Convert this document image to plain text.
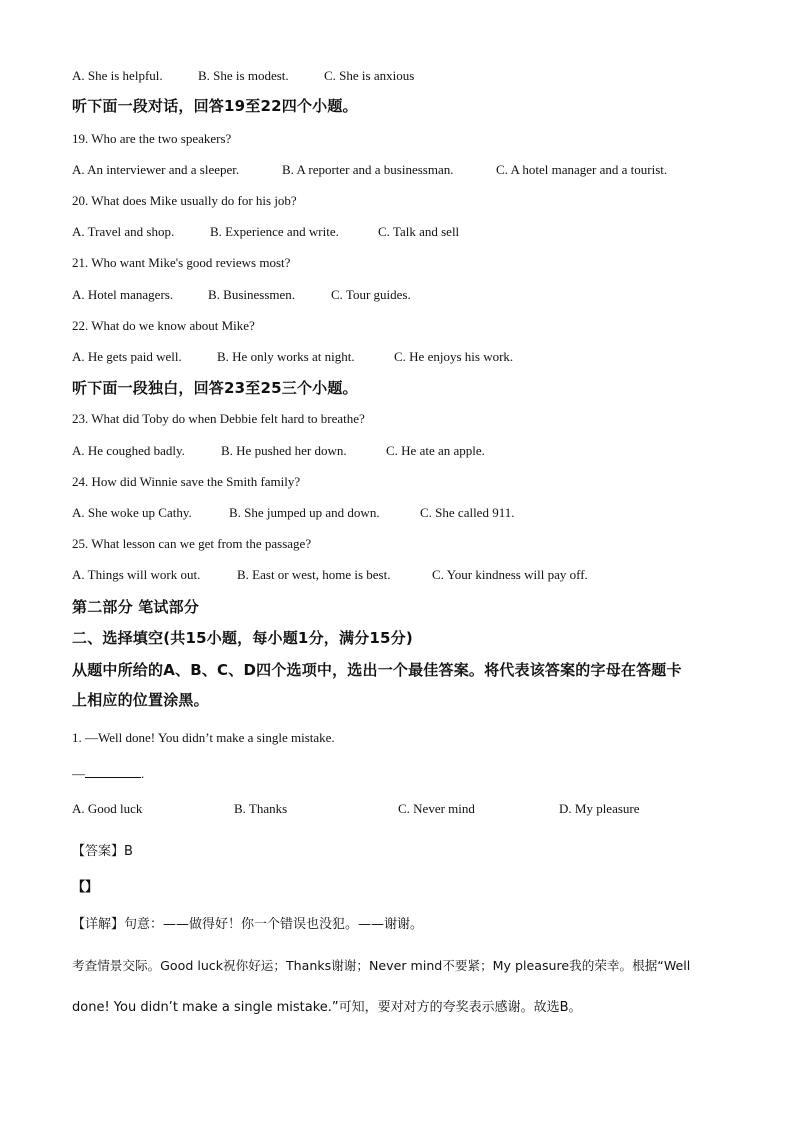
A. She is helpful.	B. She is modest.	C. She is anxious
听下面一段对话，回答19至22四个小题。
19. Who are the two speakers?
A. An interviewer and a sleeper.	B. A reporter and a businessman.	C. A hotel manager and a tourist.
20. What does Mike usually do for his job?
A. Travel and shop.	B. Experience and write.	C. Talk and sell
21. Who want Mike's good reviews most?
A. Hotel managers.	B. Businessmen.	C. Tour guides.
22. What do we know about Mike?
A. He gets paid well.	B. He only works at night.	C. He enjoys his work.
听下面一段独白，回答23至25三个小题。
23. What did Toby do when Debbie felt hard to breathe?
A. He coughed badly.	B. He pushed her down.	C. He ate an apple.
24. How did Winnie save the Smith family?
A. She woke up Cathy.	B. She jumped up and down.	C. She called 911.
25. What lesson can we get from the passage?
A. Things will work out.	B. East or west, home is best.	C. Your kindness will pay off.
第二部分 笔试部分
二、选择填空(共15小题，每小题1分，满分15分)
从题中所给的A、B、C、D四个选项中，选出一个最佳答案。将代表该答案的字母在答题卡
上相应的位置涂黑。
1. —Well done! You didn’t make a single mistake.
—	.
A. Good luck	B. Thanks	C. Never mind	D. My pleasure
【答案】B
【】
【详解】句意：——做得好！你一个错误也没犯。——谢谢。
考查情景交际。Good luck祝你好运；Thanks谢谢；Never mind不要紧；My pleasure我的荣幸。根据“Well
done! You didn’t make a single mistake.”可知，要对对方的夸奖表示感谢。故选B。
